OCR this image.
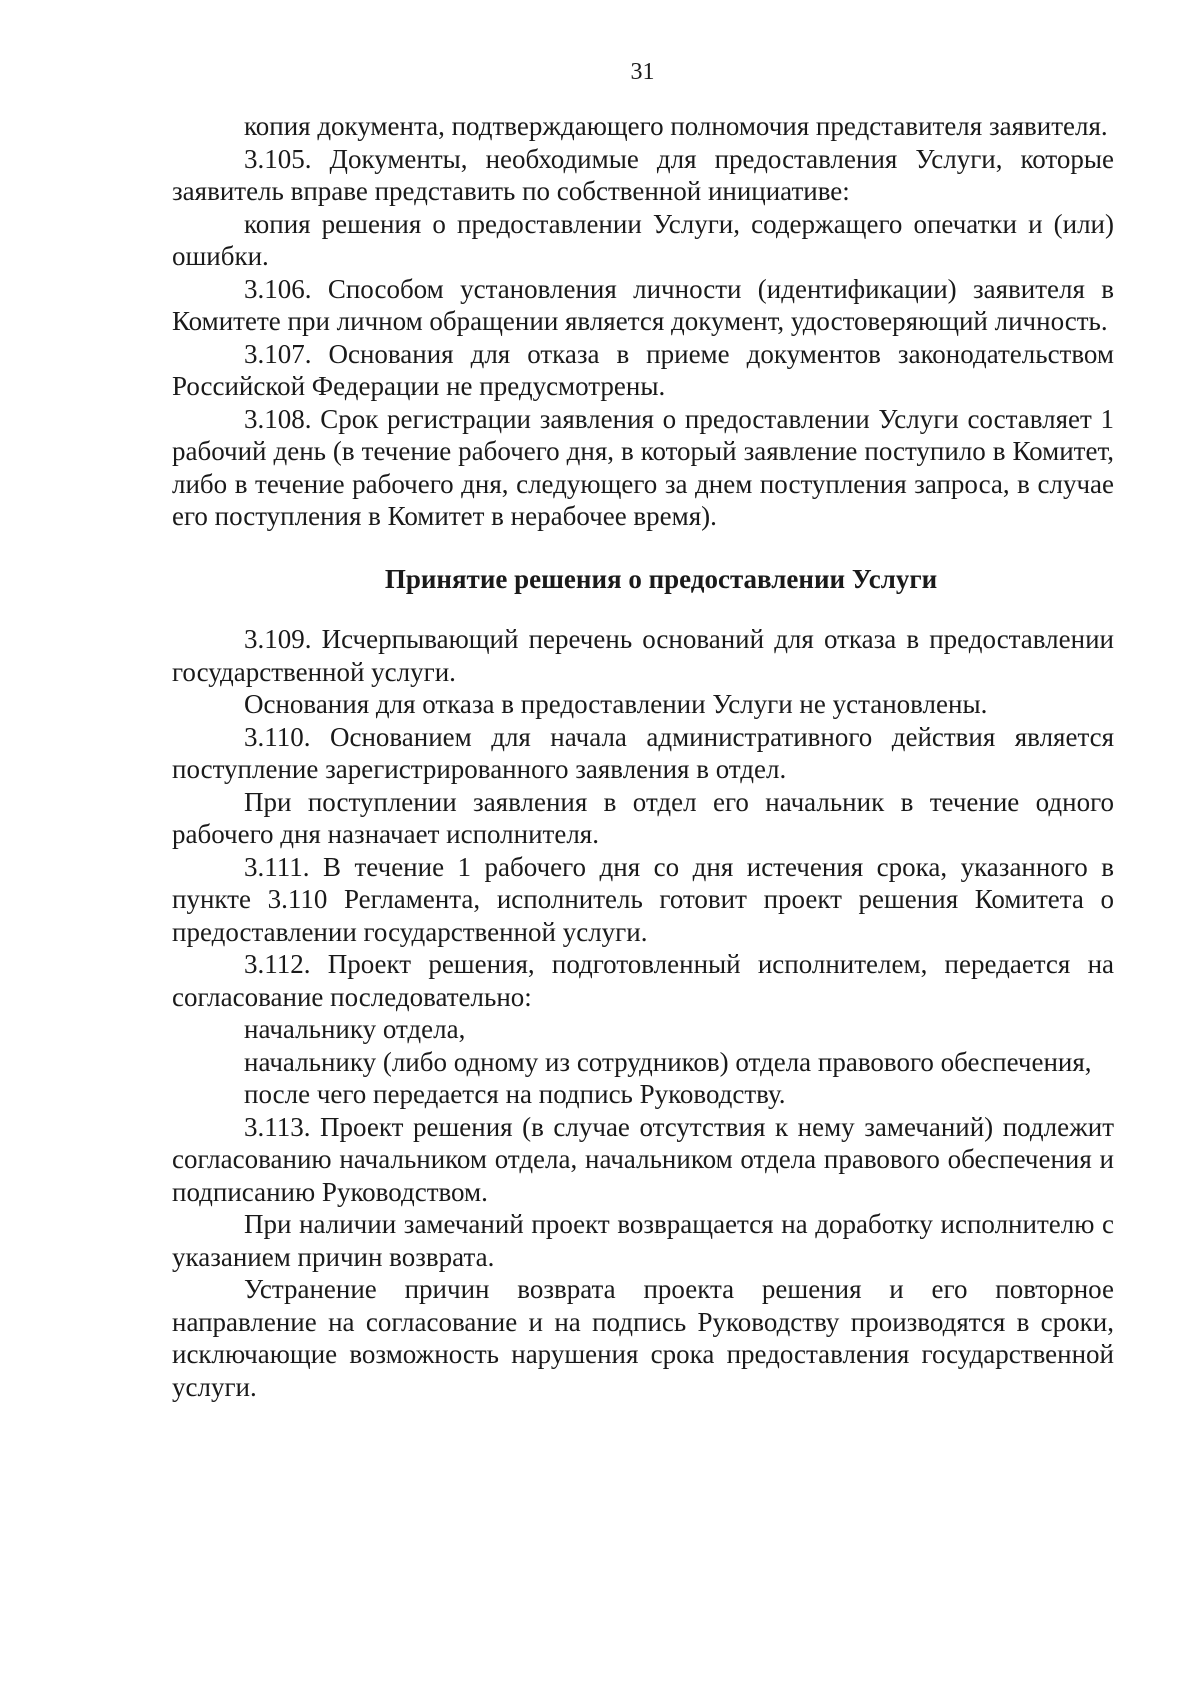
31

копия документа, подтверждающего полномочия представителя заявителя.

3.105. Документы, необходимые для предоставления Услуги, которые заявитель вправе представить по собственной инициативе:

копия решения о предоставлении Услуги, содержащего опечатки и (или) ошибки.

3.106. Способом установления личности (идентификации) заявителя в Комитете при личном обращении является документ, удостоверяющий личность.

3.107. Основания для отказа в приеме документов законодательством Российской Федерации не предусмотрены.

3.108. Срок регистрации заявления о предоставлении Услуги составляет 1 рабочий день (в течение рабочего дня, в который заявление поступило в Комитет, либо в течение рабочего дня, следующего за днем поступления запроса, в случае его поступления в Комитет в нерабочее время).

Принятие решения о предоставлении Услуги

3.109. Исчерпывающий перечень оснований для отказа в предоставлении государственной услуги.

Основания для отказа в предоставлении Услуги не установлены.

3.110. Основанием для начала административного действия является поступление зарегистрированного заявления в отдел.

При поступлении заявления в отдел его начальник в течение одного рабочего дня назначает исполнителя.

3.111. В течение 1 рабочего дня со дня истечения срока, указанного в пункте 3.110 Регламента, исполнитель готовит проект решения Комитета о предоставлении государственной услуги.

3.112. Проект решения, подготовленный исполнителем, передается на согласование последовательно:

начальнику отдела,

начальнику (либо одному из сотрудников) отдела правового обеспечения,

после чего передается на подпись Руководству.

3.113. Проект решения (в случае отсутствия к нему замечаний) подлежит согласованию начальником отдела, начальником отдела правового обеспечения и подписанию Руководством.

При наличии замечаний проект возвращается на доработку исполнителю с указанием причин возврата.

Устранение причин возврата проекта решения и его повторное направление на согласование и на подпись Руководству производятся в сроки, исключающие возможность нарушения срока предоставления государственной услуги.
